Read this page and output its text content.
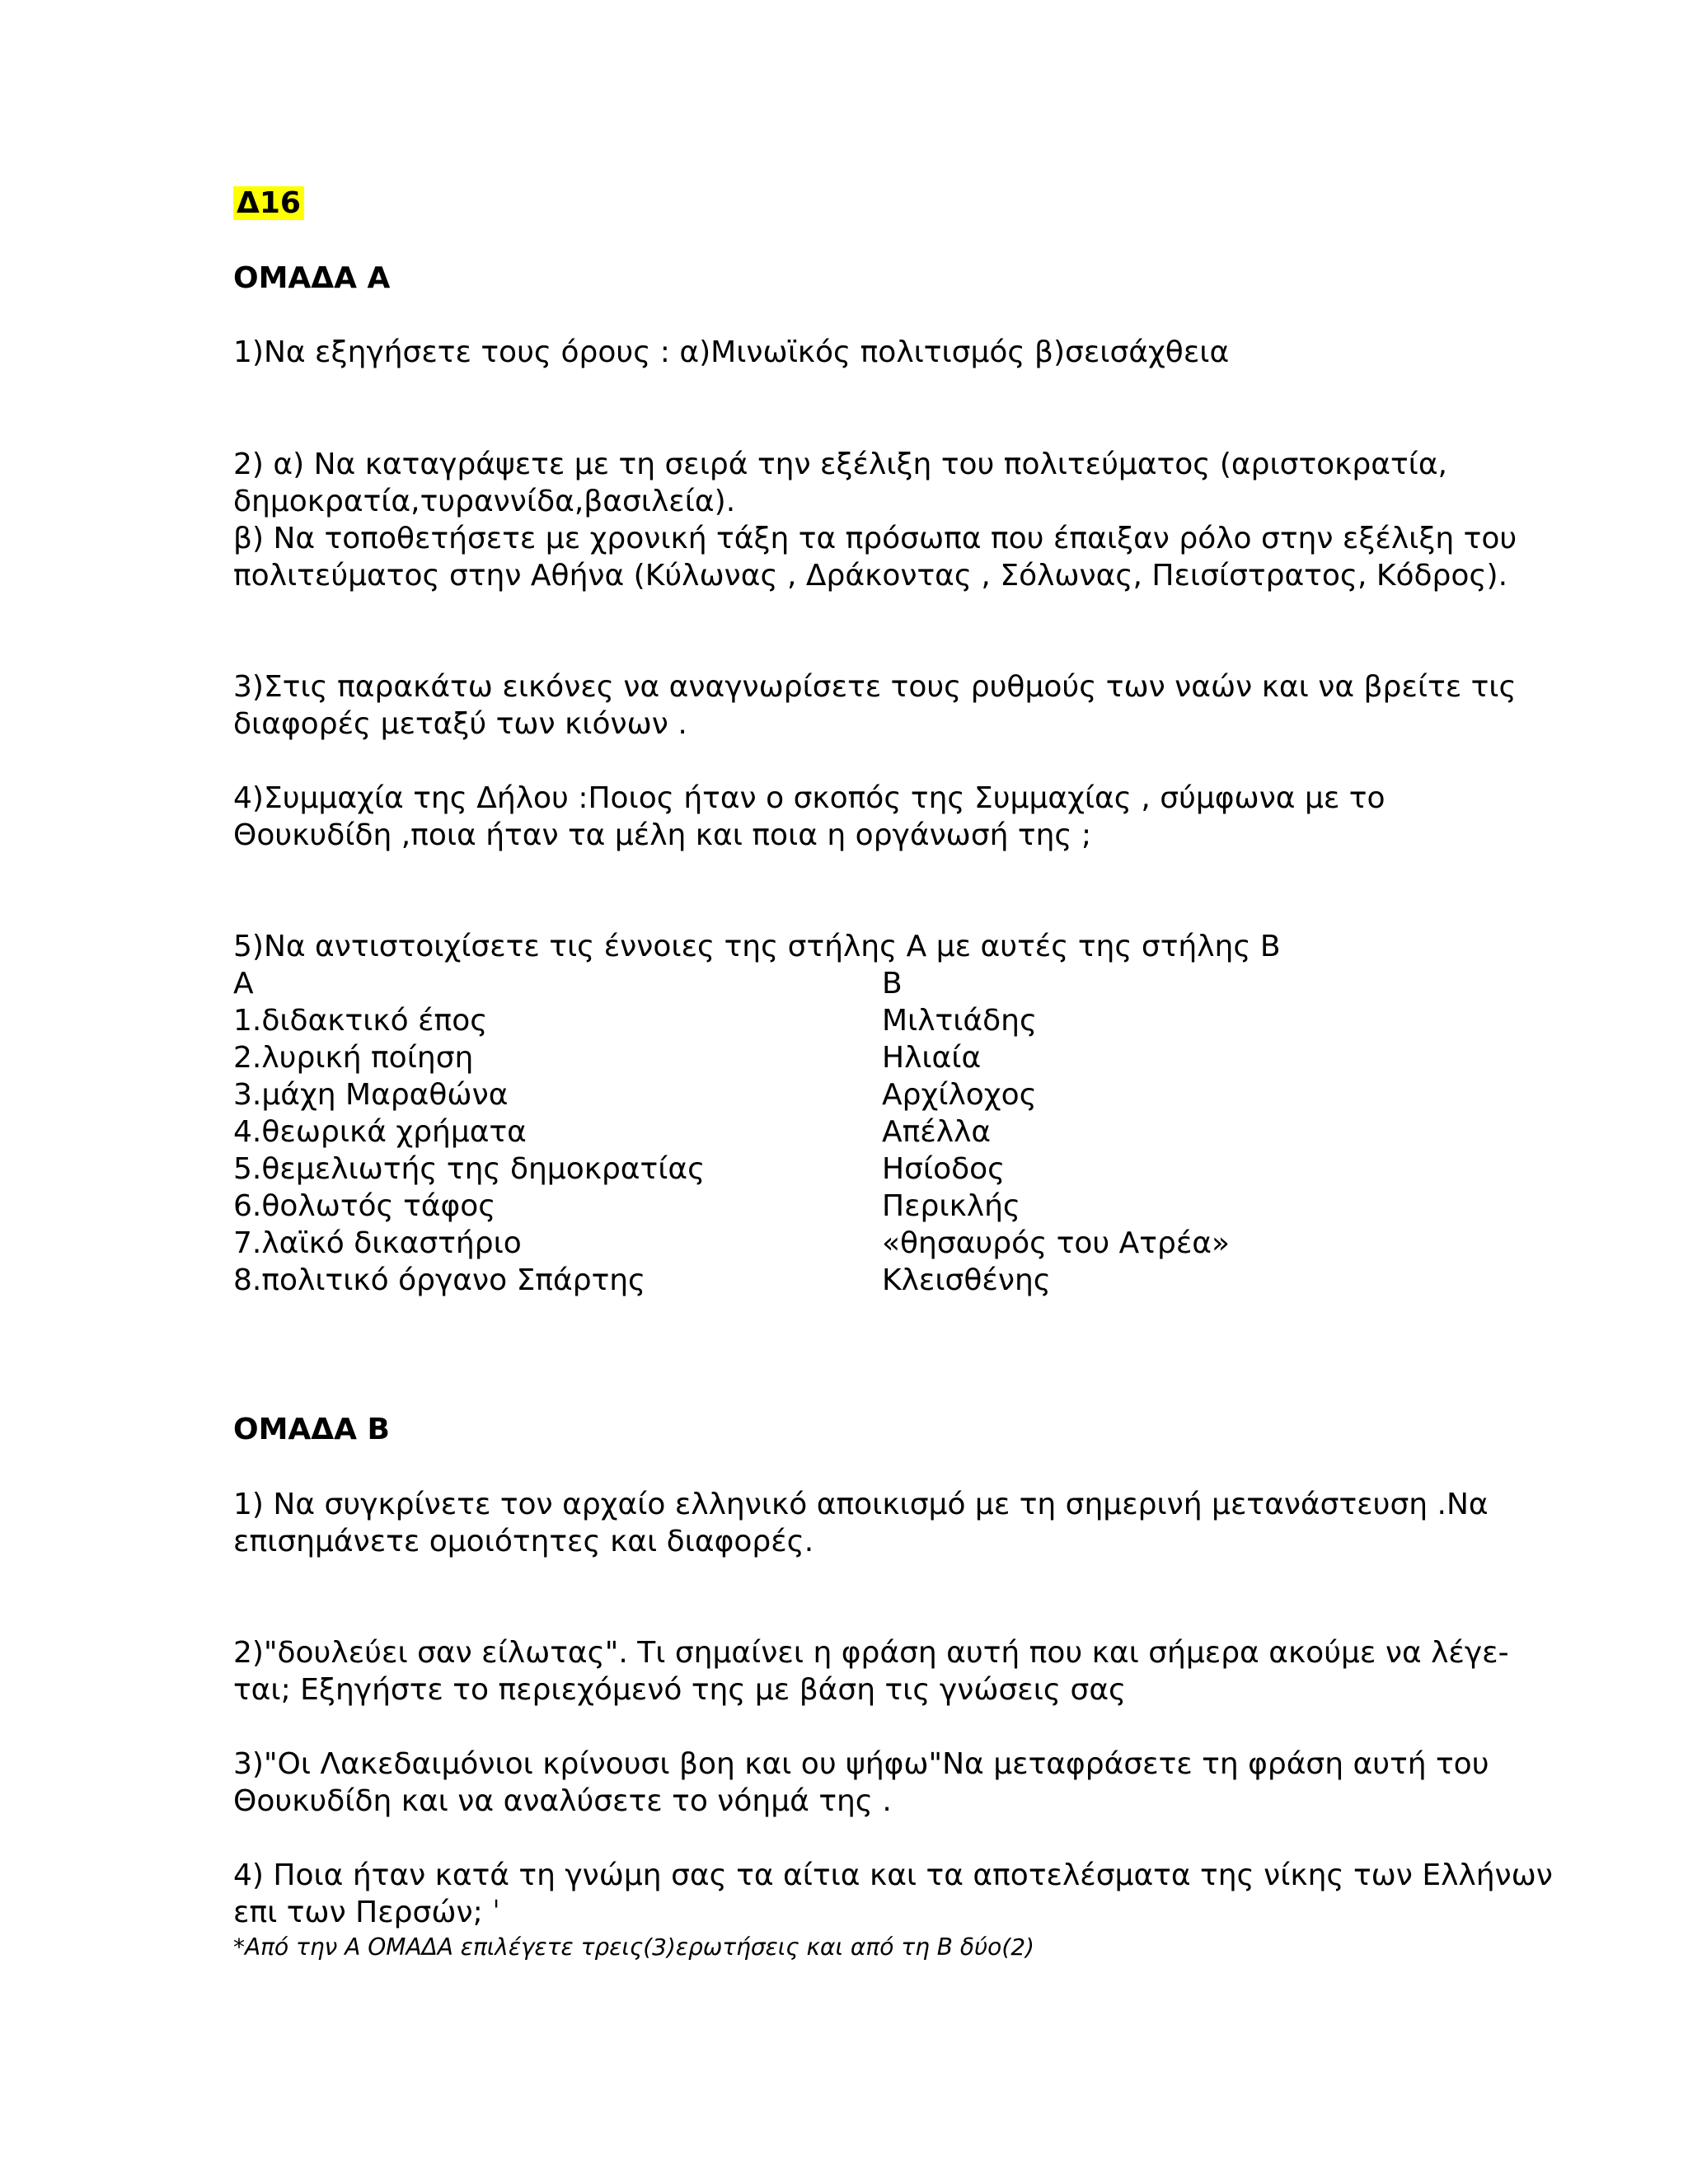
Δ16
ΟΜΑΔΑ Α
1)Να εξηγήσετε τους όρους : α)Μινωϊκός πολιτισμός β)σεισάχθεια
2) α) Να καταγράψετε με τη σειρά την εξέλιξη του πολιτεύματος (αριστοκρατία,
δημοκρατία,τυραννίδα,βασιλεία).
β) Να τοποθετήσετε με χρονική τάξη τα πρόσωπα που έπαιξαν ρόλο στην εξέλιξη του
πολιτεύματος στην Αθήνα (Κύλωνας , Δράκοντας , Σόλωνας, Πεισίστρατος, Κόδρος).
3)Στις παρακάτω εικόνες να αναγνωρίσετε τους ρυθμούς των ναών και να βρείτε τις
διαφορές μεταξύ των κιόνων .
4)Συμμαχία της Δήλου :Ποιος ήταν ο σκοπός της Συμμαχίας , σύμφωνα με το
Θουκυδίδη ,ποια ήταν τα μέλη και ποια η οργάνωσή της ;
5)Να αντιστοιχίσετε τις έννοιες της στήλης Α με αυτές της στήλης Β
Α	Β
1.διδακτικό έπος	Μιλτιάδης
2.λυρική ποίηση	Ηλιαία
3.μάχη Μαραθώνα	Αρχίλοχος
4.θεωρικά χρήματα	Απέλλα
5.θεμελιωτής της δημοκρατίας	Ησίοδος
6.θολωτός τάφος	Περικλής
7.λαϊκό δικαστήριο	«θησαυρός του Ατρέα»
8.πολιτικό όργανο Σπάρτης	Κλεισθένης
ΟΜΑΔΑ Β
1) Να συγκρίνετε τον αρχαίο ελληνικό αποικισμό με τη σημερινή μετανάστευση .Να
επισημάνετε ομοιότητες και διαφορές.
2)"δουλεύει σαν είλωτας". Τι σημαίνει η φράση αυτή που και σήμερα ακούμε να λέγε-
ται; Εξηγήστε το περιεχόμενό της με βάση τις γνώσεις σας
3)"Οι Λακεδαιμόνιοι κρίνουσι βοη και ου ψήφω"Να μεταφράσετε τη φράση αυτή του
Θουκυδίδη και να αναλύσετε το νόημά της .
4) Ποια ήταν κατά τη γνώμη σας τα αίτια και τα αποτελέσματα της νίκης των Ελλήνων
επι των Περσών; ˈ
*Από την Α ΟΜΑΔΑ επιλέγετε τρεις(3)ερωτήσεις και από τη Β δύο(2)
